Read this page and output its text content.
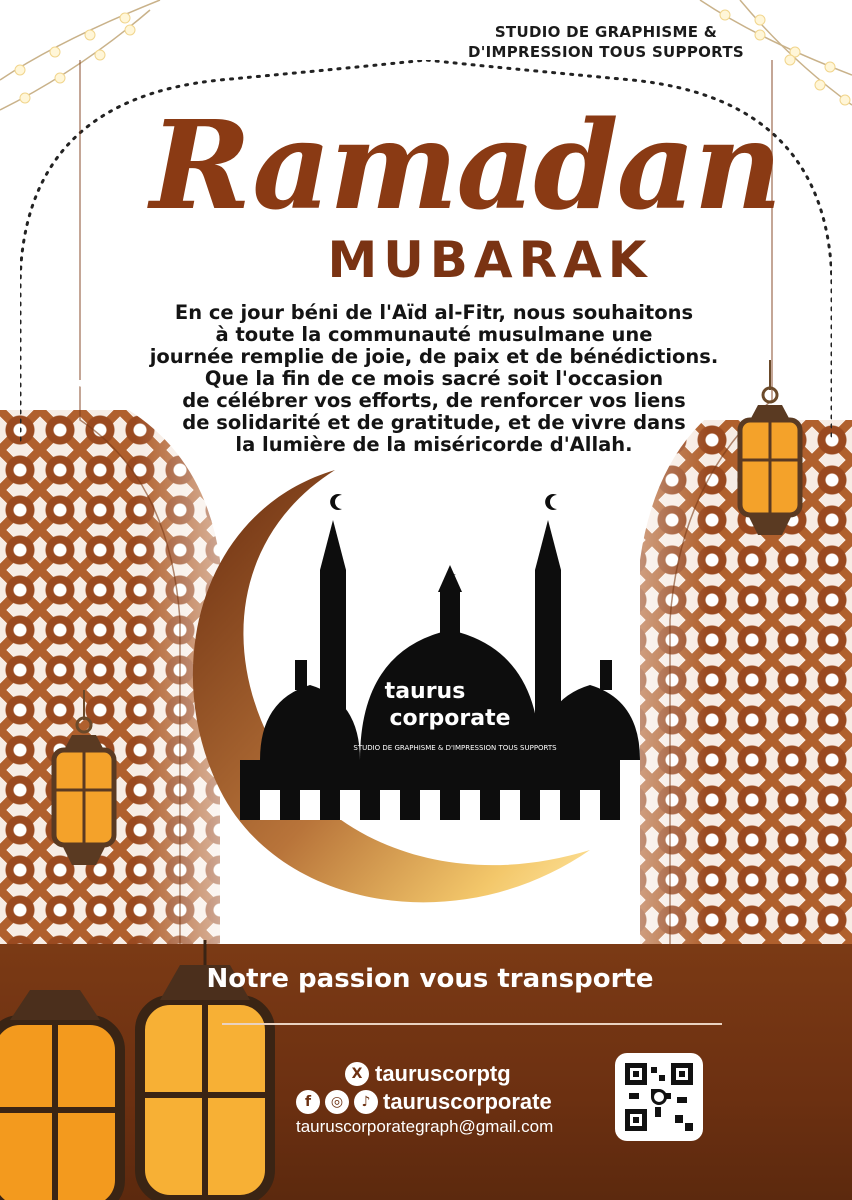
STUDIO DE GRAPHISME &
D'IMPRESSION TOUS SUPPORTS
Ramadan
MUBARAK
En ce jour béni de l'Aïd al-Fitr, nous souhaitons
à toute la communauté musulmane une
journée remplie de joie, de paix et de bénédictions.
Que la fin de ce mois sacré soit l'occasion
de célébrer vos efforts, de renforcer vos liens
de solidarité et de gratitude, et de vivre dans
la lumière de la miséricorde d'Allah.
taurus
corporate
STUDIO DE GRAPHISME & D'IMPRESSION TOUS SUPPORTS
Notre passion vous transporte
X tauruscorptg
f	◎	♪ tauruscorporate
tauruscorporategraph@gmail.com
